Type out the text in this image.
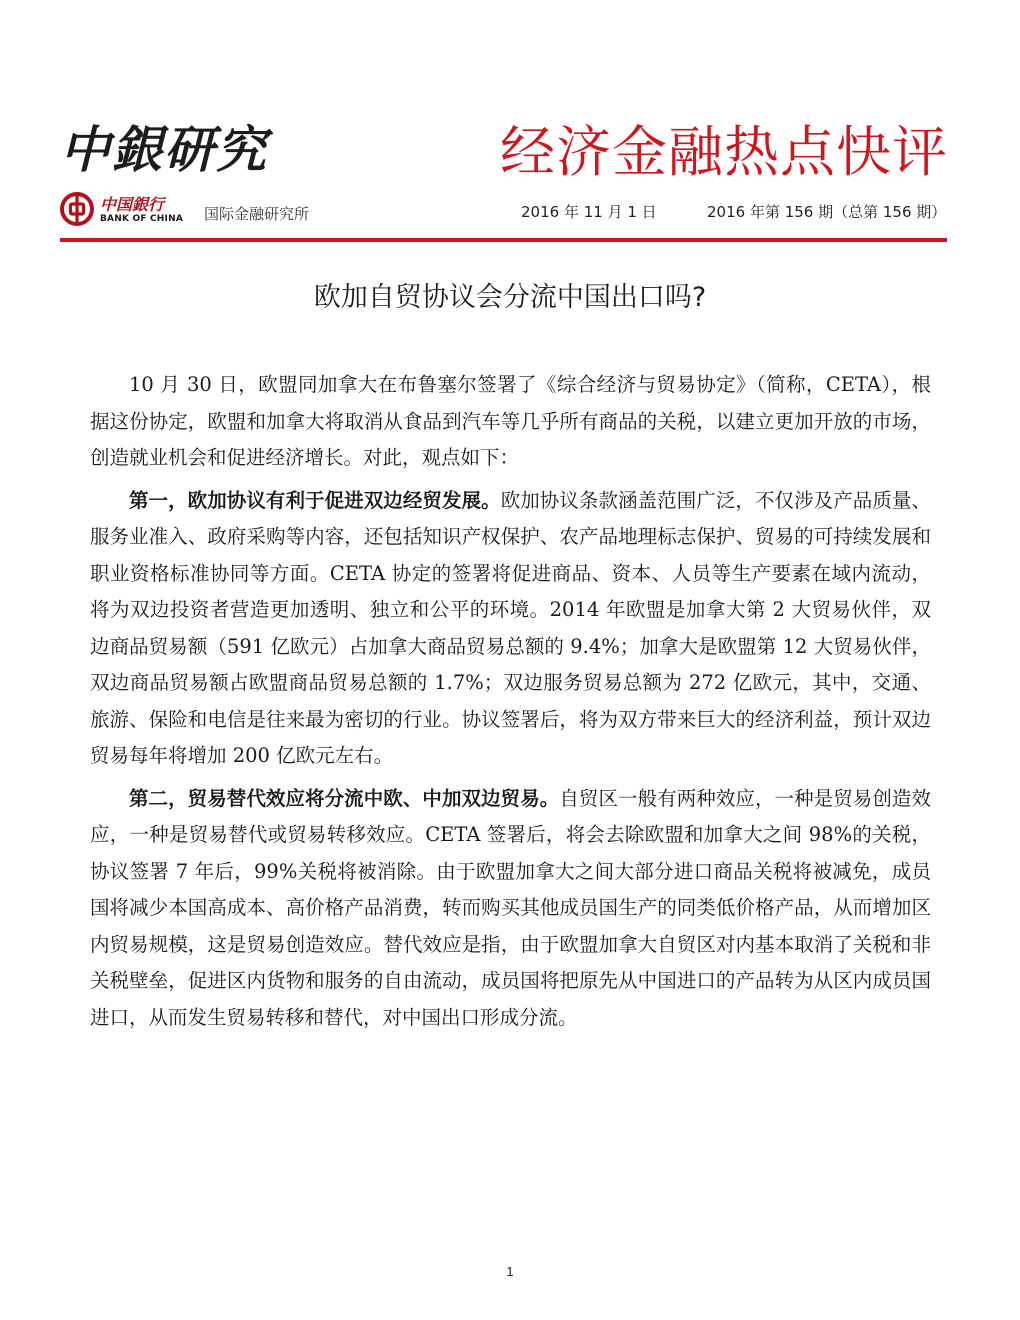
中銀研究	经济金融热点快评
中国銀行
BANK OF CHINA 国际金融研究所	2016 年 11 月 1 日	2016 年第 156 期（总第 156 期）
欧加自贸协议会分流中国出口吗?

10 月 30 日，欧盟同加拿大在布鲁塞尔签署了《综合经济与贸易协定》（简称，CETA），根据这份协定，欧盟和加拿大将取消从食品到汽车等几乎所有商品的关税，以建立更加开放的市场，创造就业机会和促进经济增长。对此，观点如下：

第一，欧加协议有利于促进双边经贸发展。欧加协议条款涵盖范围广泛，不仅涉及产品质量、服务业准入、政府采购等内容，还包括知识产权保护、农产品地理标志保护、贸易的可持续发展和职业资格标准协同等方面。CETA 协定的签署将促进商品、资本、人员等生产要素在域内流动，将为双边投资者营造更加透明、独立和公平的环境。2014 年欧盟是加拿大第 2 大贸易伙伴，双边商品贸易额（591 亿欧元）占加拿大商品贸易总额的 9.4%；加拿大是欧盟第 12 大贸易伙伴，双边商品贸易额占欧盟商品贸易总额的 1.7%；双边服务贸易总额为 272 亿欧元，其中，交通、旅游、保险和电信是往来最为密切的行业。协议签署后，将为双方带来巨大的经济利益，预计双边贸易每年将增加 200 亿欧元左右。

第二，贸易替代效应将分流中欧、中加双边贸易。自贸区一般有两种效应，一种是贸易创造效应，一种是贸易替代或贸易转移效应。CETA 签署后，将会去除欧盟和加拿大之间 98%的关税，协议签署 7 年后，99%关税将被消除。由于欧盟加拿大之间大部分进口商品关税将被减免，成员国将减少本国高成本、高价格产品消费，转而购买其他成员国生产的同类低价格产品，从而增加区内贸易规模，这是贸易创造效应。替代效应是指，由于欧盟加拿大自贸区对内基本取消了关税和非关税壁垒，促进区内货物和服务的自由流动，成员国将把原先从中国进口的产品转为从区内成员国进口，从而发生贸易转移和替代，对中国出口形成分流。

1
